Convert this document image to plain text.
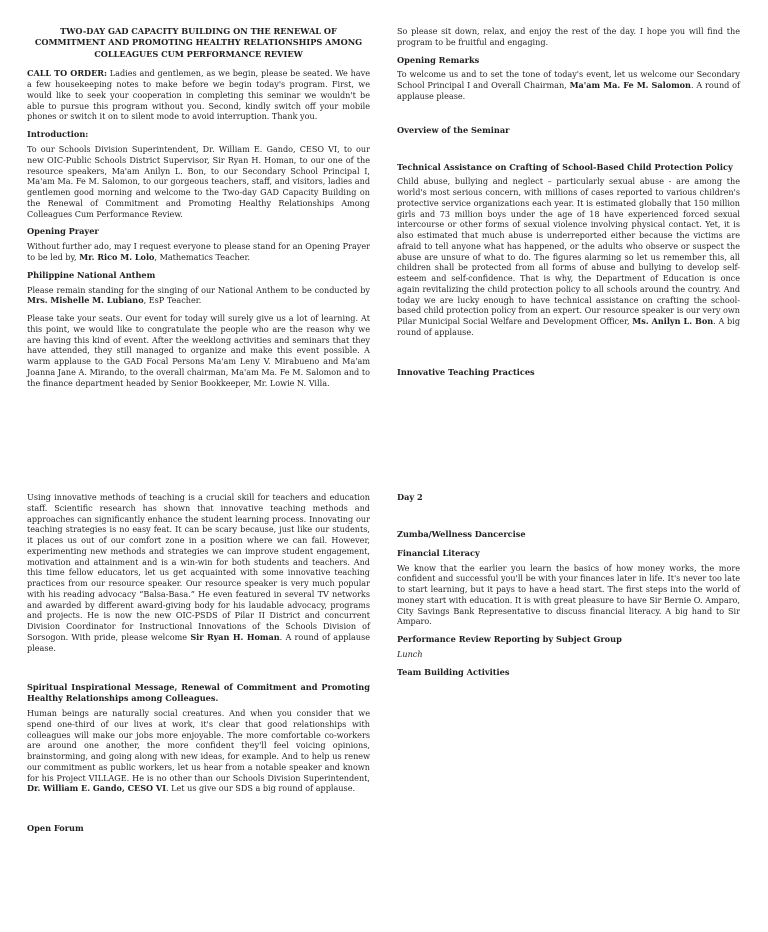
TWO-DAY GAD CAPACITY BUILDING ON THE RENEWAL OF COMMITMENT AND PROMOTING HEALTHY RELATIONSHIPS AMONG COLLEAGUES CUM PERFORMANCE REVIEW

CALL TO ORDER: Ladies and gentlemen, as we begin, please be seated. We have a few housekeeping notes to make before we begin today's program. First, we would like to seek your cooperation in completing this seminar we wouldn't be able to pursue this program without you. Second, kindly switch off your mobile phones or switch it on to silent mode to avoid interruption. Thank you.

Introduction:

To our Schools Division Superintendent, Dr. William E. Gando, CESO VI, to our new OIC-Public Schools District Supervisor, Sir Ryan H. Homan, to our one of the resource speakers, Ma'am Anilyn L. Bon, to our Secondary School Principal I, Ma'am Ma. Fe M. Salomon, to our gorgeous teachers, staff, and visitors, ladies and gentlemen good morning and welcome to the Two-day GAD Capacity Building on the Renewal of Commitment and Promoting Healthy Relationships Among Colleagues Cum Performance Review.

Opening Prayer

Without further ado, may I request everyone to please stand for an Opening Prayer to be led by, Mr. Rico M. Lolo, Mathematics Teacher.

Philippine National Anthem

Please remain standing for the singing of our National Anthem to be conducted by Mrs. Mishelle M. Lubiano, EsP Teacher.

Please take your seats. Our event for today will surely give us a lot of learning. At this point, we would like to congratulate the people who are the reason why we are having this kind of event. After the weeklong activities and seminars that they have attended, they still managed to organize and make this event possible. A warm applause to the GAD Focal Persons Ma'am Leny V. Mirabueno and Ma'am Joanna Jane A. Mirando, to the overall chairman, Ma'am Ma. Fe M. Salomon and to the finance department headed by Senior Bookkeeper, Mr. Lowie N. Villa.

So please sit down, relax, and enjoy the rest of the day. I hope you will find the program to be fruitful and engaging.

Opening Remarks

To welcome us and to set the tone of today's event, let us welcome our Secondary School Principal I and Overall Chairman, Ma'am Ma. Fe M. Salomon. A round of applause please.

Overview of the Seminar
Technical Assistance on Crafting of School-Based Child Protection Policy

Child abuse, bullying and neglect – particularly sexual abuse - are among the world's most serious concern, with millions of cases reported to various children's protective service organizations each year. It is estimated globally that 150 million girls and 73 million boys under the age of 18 have experienced forced sexual intercourse or other forms of sexual violence involving physical contact. Yet, it is also estimated that much abuse is underreported either because the victims are afraid to tell anyone what has happened, or the adults who observe or suspect the abuse are unsure of what to do. The figures alarming so let us remember this, all children shall be protected from all forms of abuse and bullying to develop self-esteem and self-confidence. That is why, the Department of Education is once again revitalizing the child protection policy to all schools around the country. And today we are lucky enough to have technical assistance on crafting the school-based child protection policy from an expert. Our resource speaker is our very own Pilar Municipal Social Welfare and Development Officer, Ms. Anilyn L. Bon. A big round of applause.

Innovative Teaching Practices

Using innovative methods of teaching is a crucial skill for teachers and education staff. Scientific research has shown that innovative teaching methods and approaches can significantly enhance the student learning process. Innovating our teaching strategies is no easy feat. It can be scary because, just like our students, it places us out of our comfort zone in a position where we can fail. However, experimenting new methods and strategies we can improve student engagement, motivation and attainment and is a win-win for both students and teachers. And this time fellow educators, let us get acquainted with some innovative teaching practices from our resource speaker. Our resource speaker is very much popular with his reading advocacy “Balsa-Basa.” He even featured in several TV networks and awarded by different award-giving body for his laudable advocacy, programs and projects. He is now the new OIC-PSDS of Pilar II District and concurrent Division Coordinator for Instructional Innovations of the Schools Division of Sorsogon. With pride, please welcome Sir Ryan H. Homan. A round of applause please.

Spiritual Inspirational Message, Renewal of Commitment and Promoting Healthy Relationships among Colleagues.

Human beings are naturally social creatures. And when you consider that we spend one-third of our lives at work, it's clear that good relationships with colleagues will make our jobs more enjoyable. The more comfortable co-workers are around one another, the more confident they'll feel voicing opinions, brainstorming, and going along with new ideas, for example. And to help us renew our commitment as public workers, let us hear from a notable speaker and known for his Project VILLAGE. He is no other than our Schools Division Superintendent, Dr. William E. Gando, CESO VI. Let us give our SDS a big round of applause.

Open Forum
Day 2
Zumba/Wellness Dancercise
Financial Literacy

We know that the earlier you learn the basics of how money works, the more confident and successful you'll be with your finances later in life. It's never too late to start learning, but it pays to have a head start. The first steps into the world of money start with education. It is with great pleasure to have Sir Bernie O. Amparo, City Savings Bank Representative to discuss financial literacy. A big hand to Sir Amparo.

Performance Review Reporting by Subject Group

Lunch

Team Building Activities
